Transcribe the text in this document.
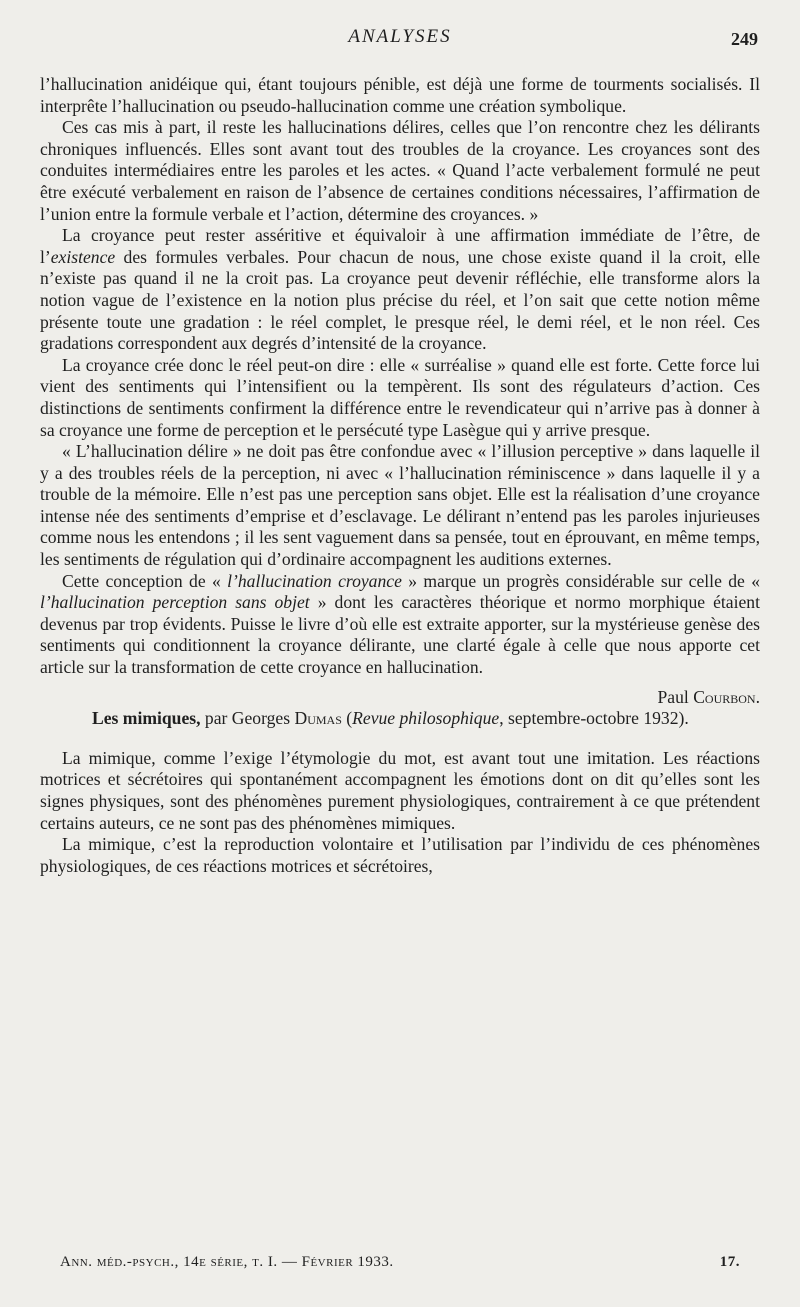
ANALYSES	249

l’hallucination anidéique qui, étant toujours pénible, est déjà une forme de tourments socialisés. Il interprête l’hallucination ou pseudo-hallucination comme une création symbolique.

Ces cas mis à part, il reste les hallucinations délires, celles que l’on rencontre chez les délirants chroniques influencés. Elles sont avant tout des troubles de la croyance. Les croyances sont des conduites intermédiaires entre les paroles et les actes. « Quand l’acte verbalement formulé ne peut être exécuté verbalement en raison de l’absence de certaines conditions nécessaires, l’affirmation de l’union entre la formule verbale et l’action, détermine des croyances. »

La croyance peut rester asséritive et équivaloir à une affirmation immédiate de l’être, de l’existence des formules verbales. Pour chacun de nous, une chose existe quand il la croit, elle n’existe pas quand il ne la croit pas. La croyance peut devenir réfléchie, elle transforme alors la notion vague de l’existence en la notion plus précise du réel, et l’on sait que cette notion même présente toute une gradation : le réel complet, le presque réel, le demi réel, et le non réel. Ces gradations correspondent aux degrés d’intensité de la croyance.

La croyance crée donc le réel peut-on dire : elle « surréalise » quand elle est forte. Cette force lui vient des sentiments qui l’intensifient ou la tempèrent. Ils sont des régulateurs d’action. Ces distinctions de sentiments confirment la différence entre le revendicateur qui n’arrive pas à donner à sa croyance une forme de perception et le persécuté type Lasègue qui y arrive presque.

« L’hallucination délire » ne doit pas être confondue avec « l’illusion perceptive » dans laquelle il y a des troubles réels de la perception, ni avec « l’hallucination réminiscence » dans laquelle il y a trouble de la mémoire. Elle n’est pas une perception sans objet. Elle est la réalisation d’une croyance intense née des sentiments d’emprise et d’esclavage. Le délirant n’entend pas les paroles injurieuses comme nous les entendons ; il les sent vaguement dans sa pensée, tout en éprouvant, en même temps, les sentiments de régulation qui d’ordinaire accompagnent les auditions externes.

Cette conception de « l’hallucination croyance » marque un progrès considérable sur celle de « l’hallucination perception sans objet » dont les caractères théorique et normo morphique étaient devenus par trop évidents. Puisse le livre d’où elle est extraite apporter, sur la mystérieuse genèse des sentiments qui conditionnent la croyance délirante, une clarté égale à celle que nous apporte cet article sur la transformation de cette croyance en hallucination.

Paul Courbon.

Les mimiques, par Georges Dumas (Revue philosophique, septembre-octobre 1932).

La mimique, comme l’exige l’étymologie du mot, est avant tout une imitation. Les réactions motrices et sécrétoires qui spontanément accompagnent les émotions dont on dit qu’elles sont les signes physiques, sont des phénomènes purement physiologiques, contrairement à ce que prétendent certains auteurs, ce ne sont pas des phénomènes mimiques.

La mimique, c’est la reproduction volontaire et l’utilisation par l’individu de ces phénomènes physiologiques, de ces réactions motrices et sécrétoires,

Ann. méd.-psych., 14e série, t. I. — Février 1933.	17.
